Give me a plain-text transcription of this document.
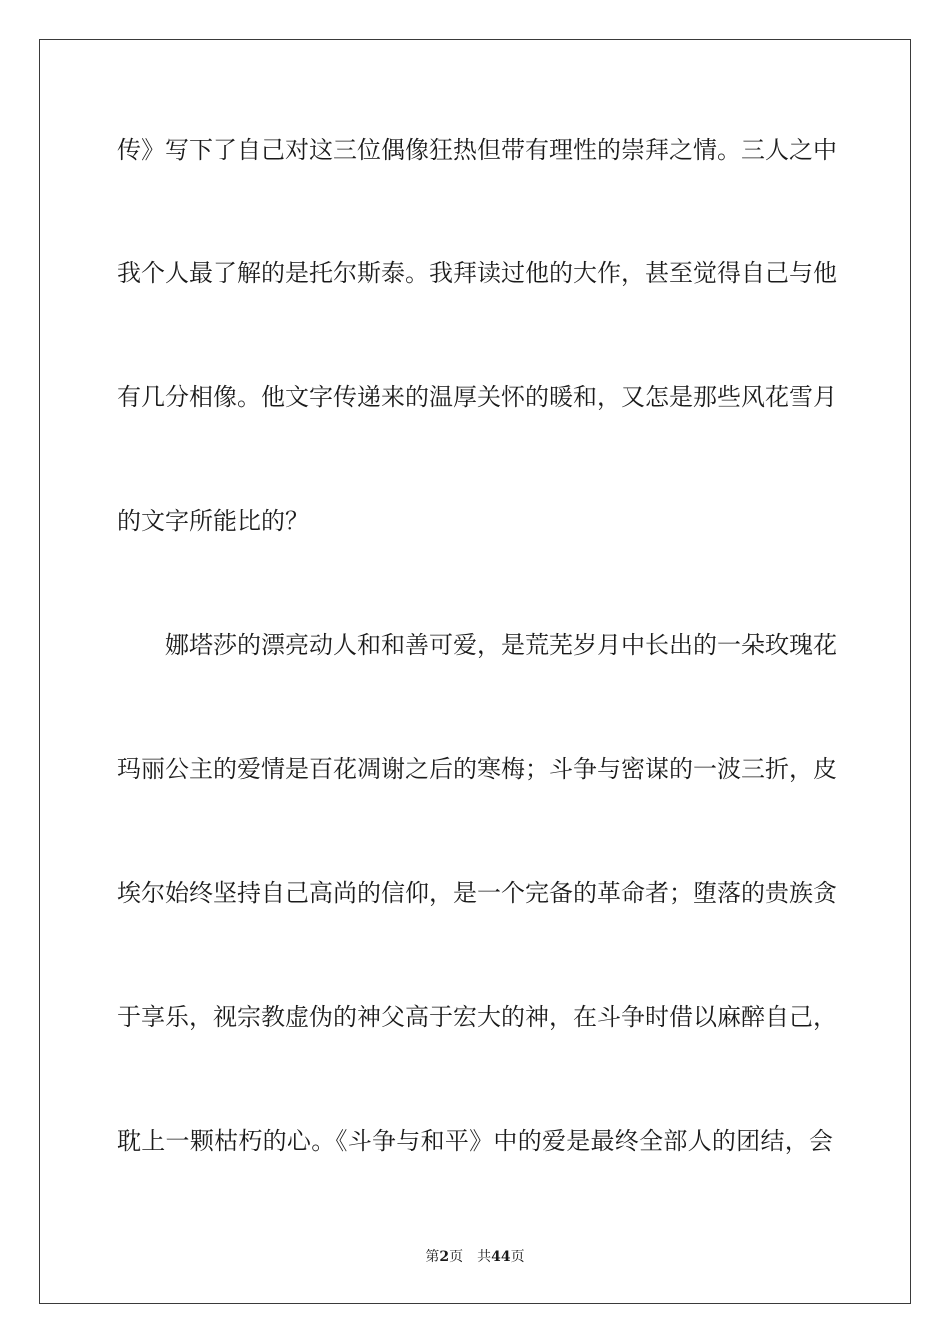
传》写下了自己对这三位偶像狂热但带有理性的崇拜之情。三人之中
我个人最了解的是托尔斯泰。我拜读过他的大作，甚至觉得自己与他
有几分相像。他文字传递来的温厚关怀的暖和，又怎是那些风花雪月
的文字所能比的？
娜塔莎的漂亮动人和和善可爱，是荒芜岁月中长出的一朵玫瑰花
玛丽公主的爱情是百花凋谢之后的寒梅；斗争与密谋的一波三折，皮
埃尔始终坚持自己高尚的信仰，是一个完备的革命者；堕落的贵族贪
于享乐，视宗教虚伪的神父高于宏大的神，在斗争时借以麻醉自己，
耽上一颗枯朽的心。《斗争与和平》中的爱是最终全部人的团结，会
第2页 共44页
